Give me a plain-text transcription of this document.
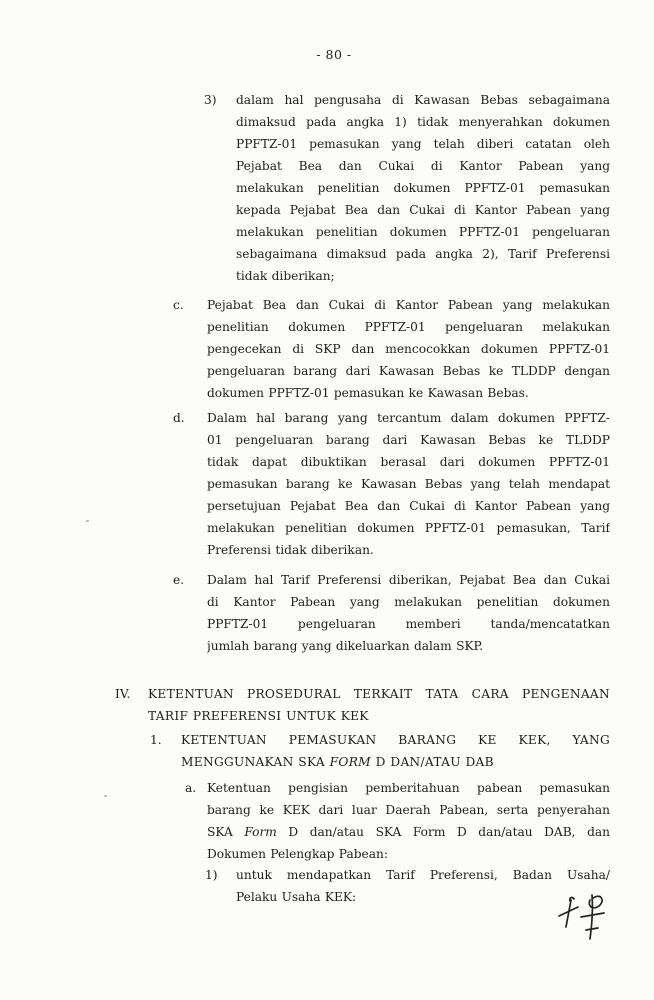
- 80 -
3) dalam hal pengusaha di Kawasan Bebas sebagaimana
dimaksud pada angka 1) tidak menyerahkan dokumen
PPFTZ-01 pemasukan yang telah diberi catatan oleh
Pejabat Bea dan Cukai di Kantor Pabean yang
melakukan penelitian dokumen PPFTZ-01 pemasukan
kepada Pejabat Bea dan Cukai di Kantor Pabean yang
melakukan penelitian dokumen PPFTZ-01 pengeluaran
sebagaimana dimaksud pada angka 2), Tarif Preferensi
tidak diberikan;
c. Pejabat Bea dan Cukai di Kantor Pabean yang melakukan
penelitian dokumen PPFTZ-01 pengeluaran melakukan
pengecekan di SKP dan mencocokkan dokumen PPFTZ-01
pengeluaran barang dari Kawasan Bebas ke TLDDP dengan
dokumen PPFTZ-01 pemasukan ke Kawasan Bebas.
d. Dalam hal barang yang tercantum dalam dokumen PPFTZ-
01 pengeluaran barang dari Kawasan Bebas ke TLDDP
tidak dapat dibuktikan berasal dari dokumen PPFTZ-01
pemasukan barang ke Kawasan Bebas yang telah mendapat
persetujuan Pejabat Bea dan Cukai di Kantor Pabean yang
melakukan penelitian dokumen PPFTZ-01 pemasukan, Tarif
Preferensi tidak diberikan.
e. Dalam hal Tarif Preferensi diberikan, Pejabat Bea dan Cukai
di Kantor Pabean yang melakukan penelitian dokumen
PPFTZ-01 pengeluaran memberi tanda/mencatatkan
jumlah barang yang dikeluarkan dalam SKP.
IV. KETENTUAN PROSEDURAL TERKAIT TATA CARA PENGENAAN
TARIF PREFERENSI UNTUK KEK
1. KETENTUAN PEMASUKAN BARANG KE KEK, YANG
MENGGUNAKAN SKA FORM D DAN/ATAU DAB
a. Ketentuan pengisian pemberitahuan pabean pemasukan
barang ke KEK dari luar Daerah Pabean, serta penyerahan
SKA Form D dan/atau SKA Form D dan/atau DAB, dan
Dokumen Pelengkap Pabean:
1) untuk mendapatkan Tarif Preferensi, Badan Usaha/
Pelaku Usaha KEK:
